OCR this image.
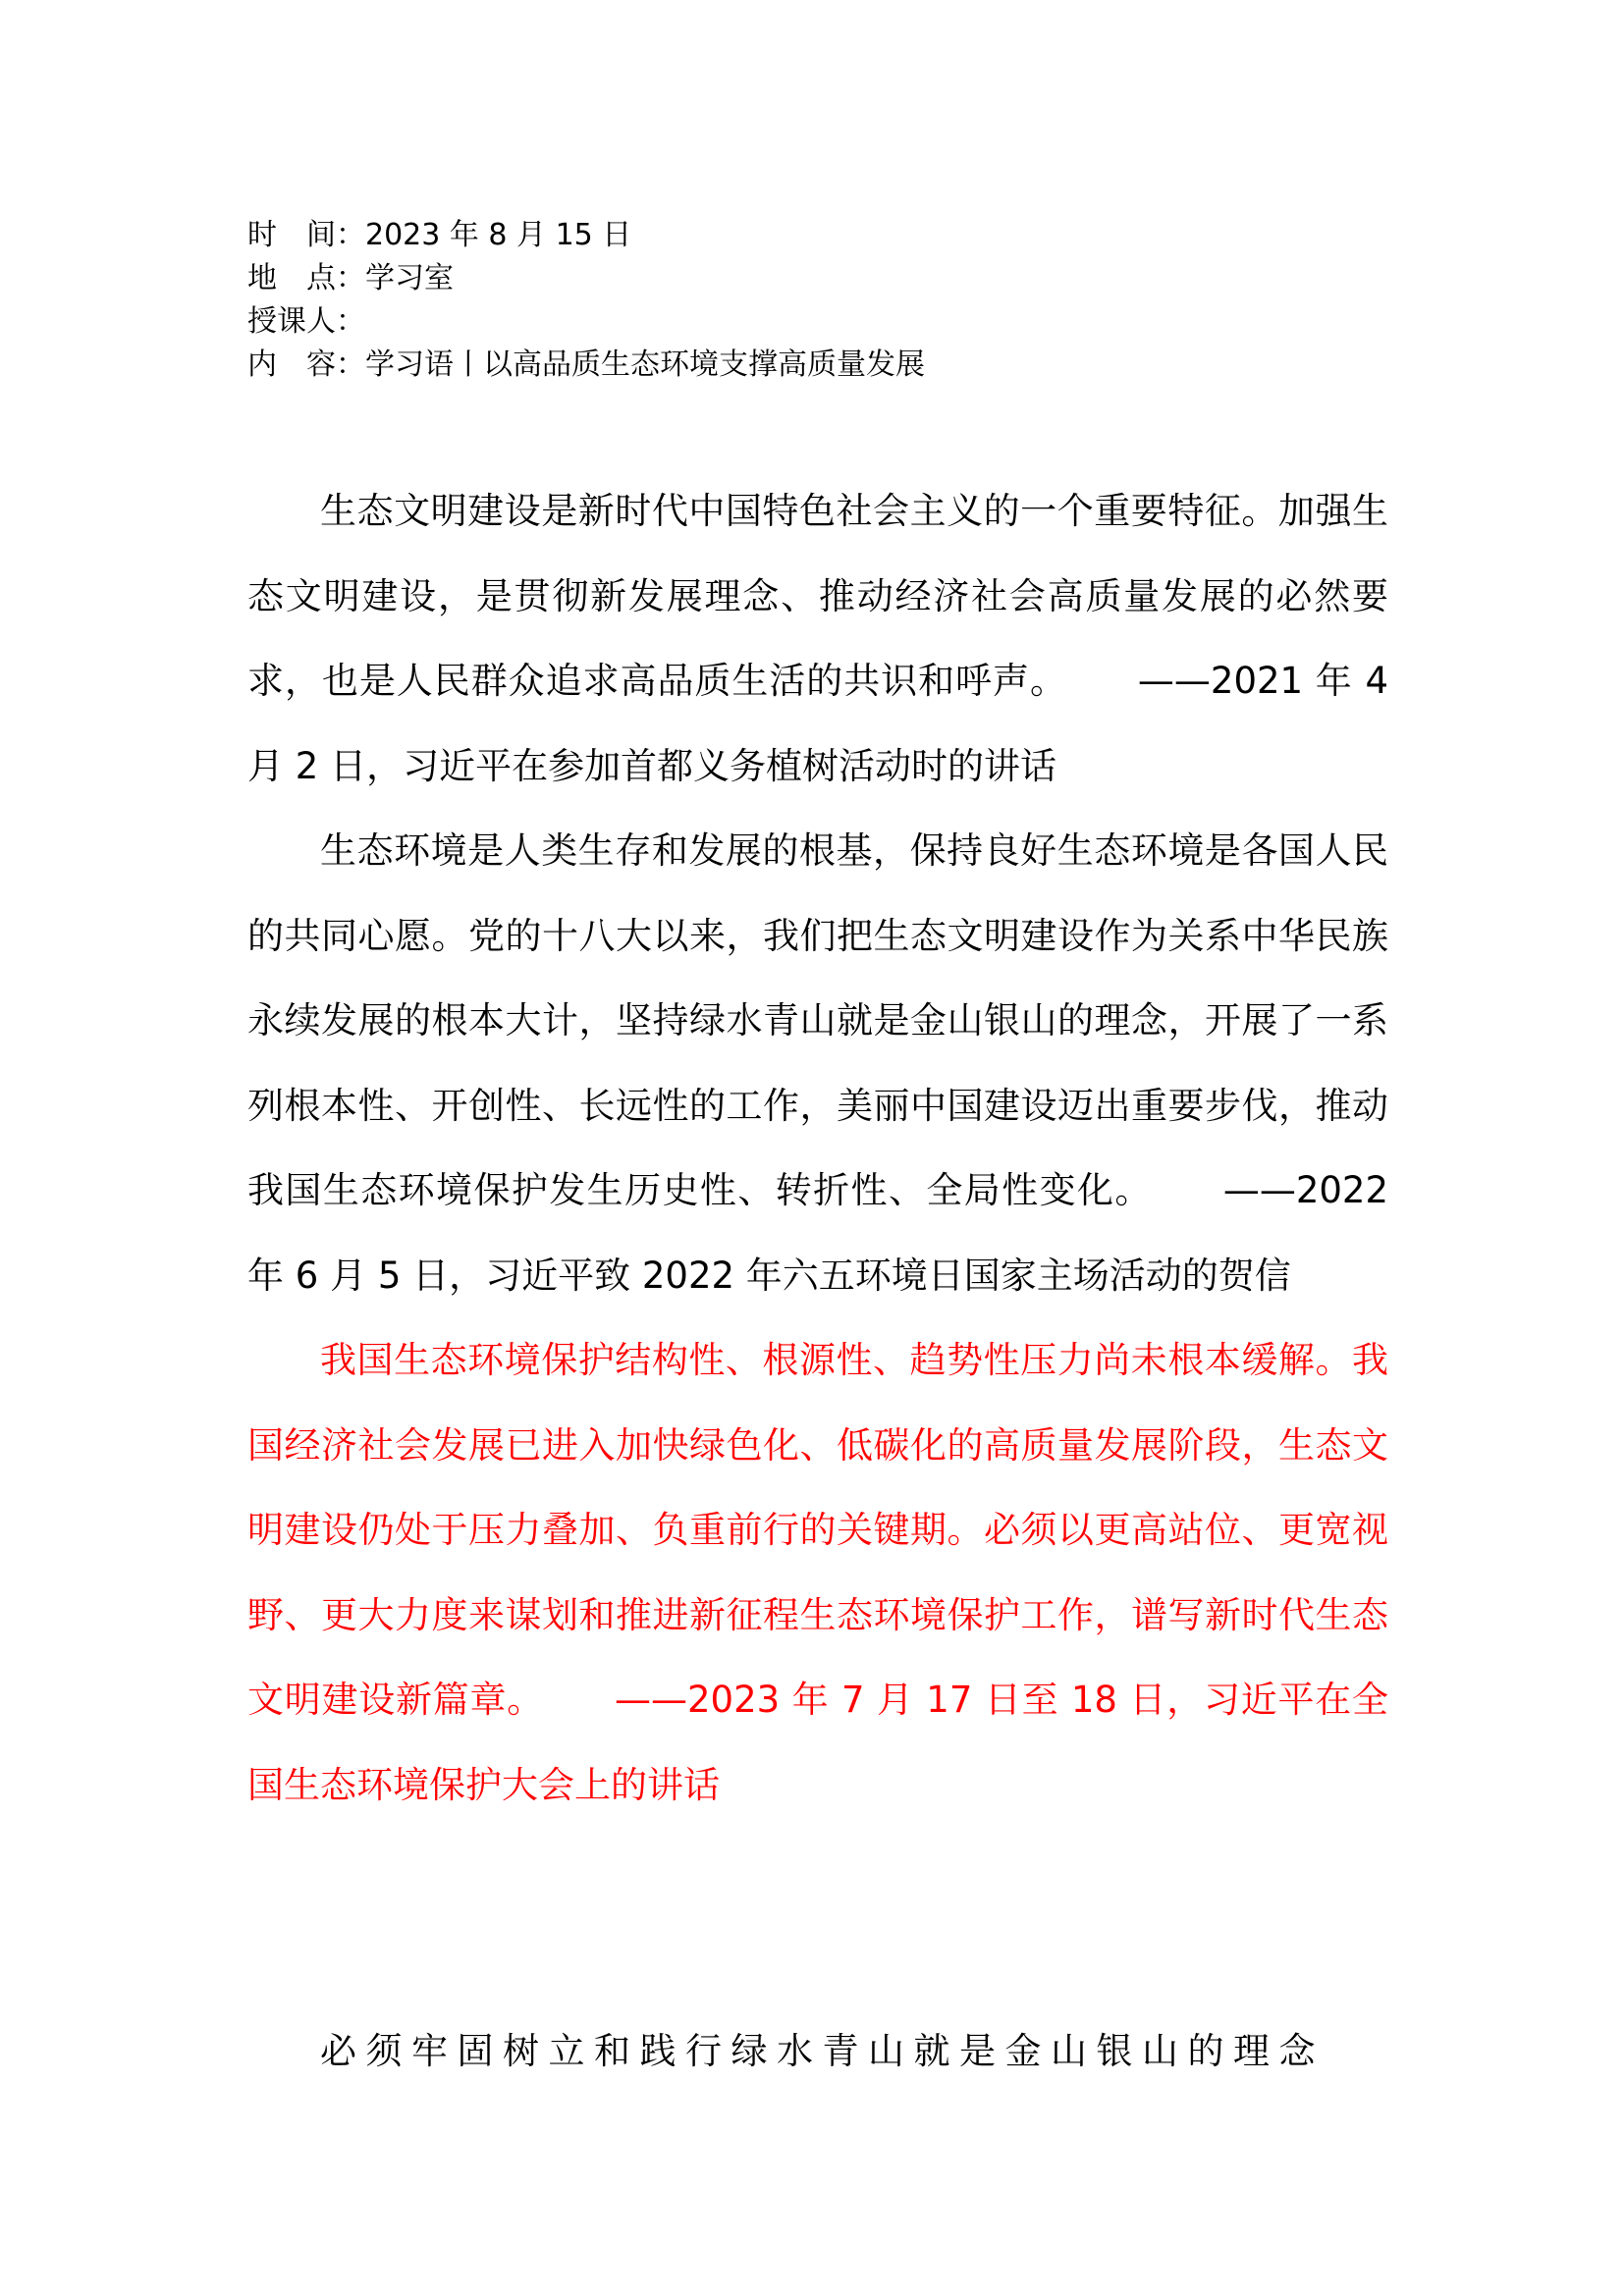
时　间：2023 年 8 月 15 日
地　点：学习室
授课人：
内　容：学习语丨以高品质生态环境支撑高质量发展

生态文明建设是新时代中国特色社会主义的一个重要特征。加强生态文明建设，是贯彻新发展理念、推动经济社会高质量发展的必然要求，也是人民群众追求高品质生活的共识和呼声。 ——2021 年 4 月 2 日，习近平在参加首都义务植树活动时的讲话

生态环境是人类生存和发展的根基，保持良好生态环境是各国人民的共同心愿。党的十八大以来，我们把生态文明建设作为关系中华民族永续发展的根本大计，坚持绿水青山就是金山银山的理念，开展了一系列根本性、开创性、长远性的工作，美丽中国建设迈出重要步伐，推动我国生态环境保护发生历史性、转折性、全局性变化。 ——2022 年 6 月 5 日，习近平致 2022 年六五环境日国家主场活动的贺信

我国生态环境保护结构性、根源性、趋势性压力尚未根本缓解。我国经济社会发展已进入加快绿色化、低碳化的高质量发展阶段，生态文明建设仍处于压力叠加、负重前行的关键期。必须以更高站位、更宽视野、更大力度来谋划和推进新征程生态环境保护工作，谱写新时代生态文明建设新篇章。 ——2023 年 7 月 17 日至 18 日，习近平在全国生态环境保护大会上的讲话

必须牢固树立和践行绿水青山就是金山银山的理念
